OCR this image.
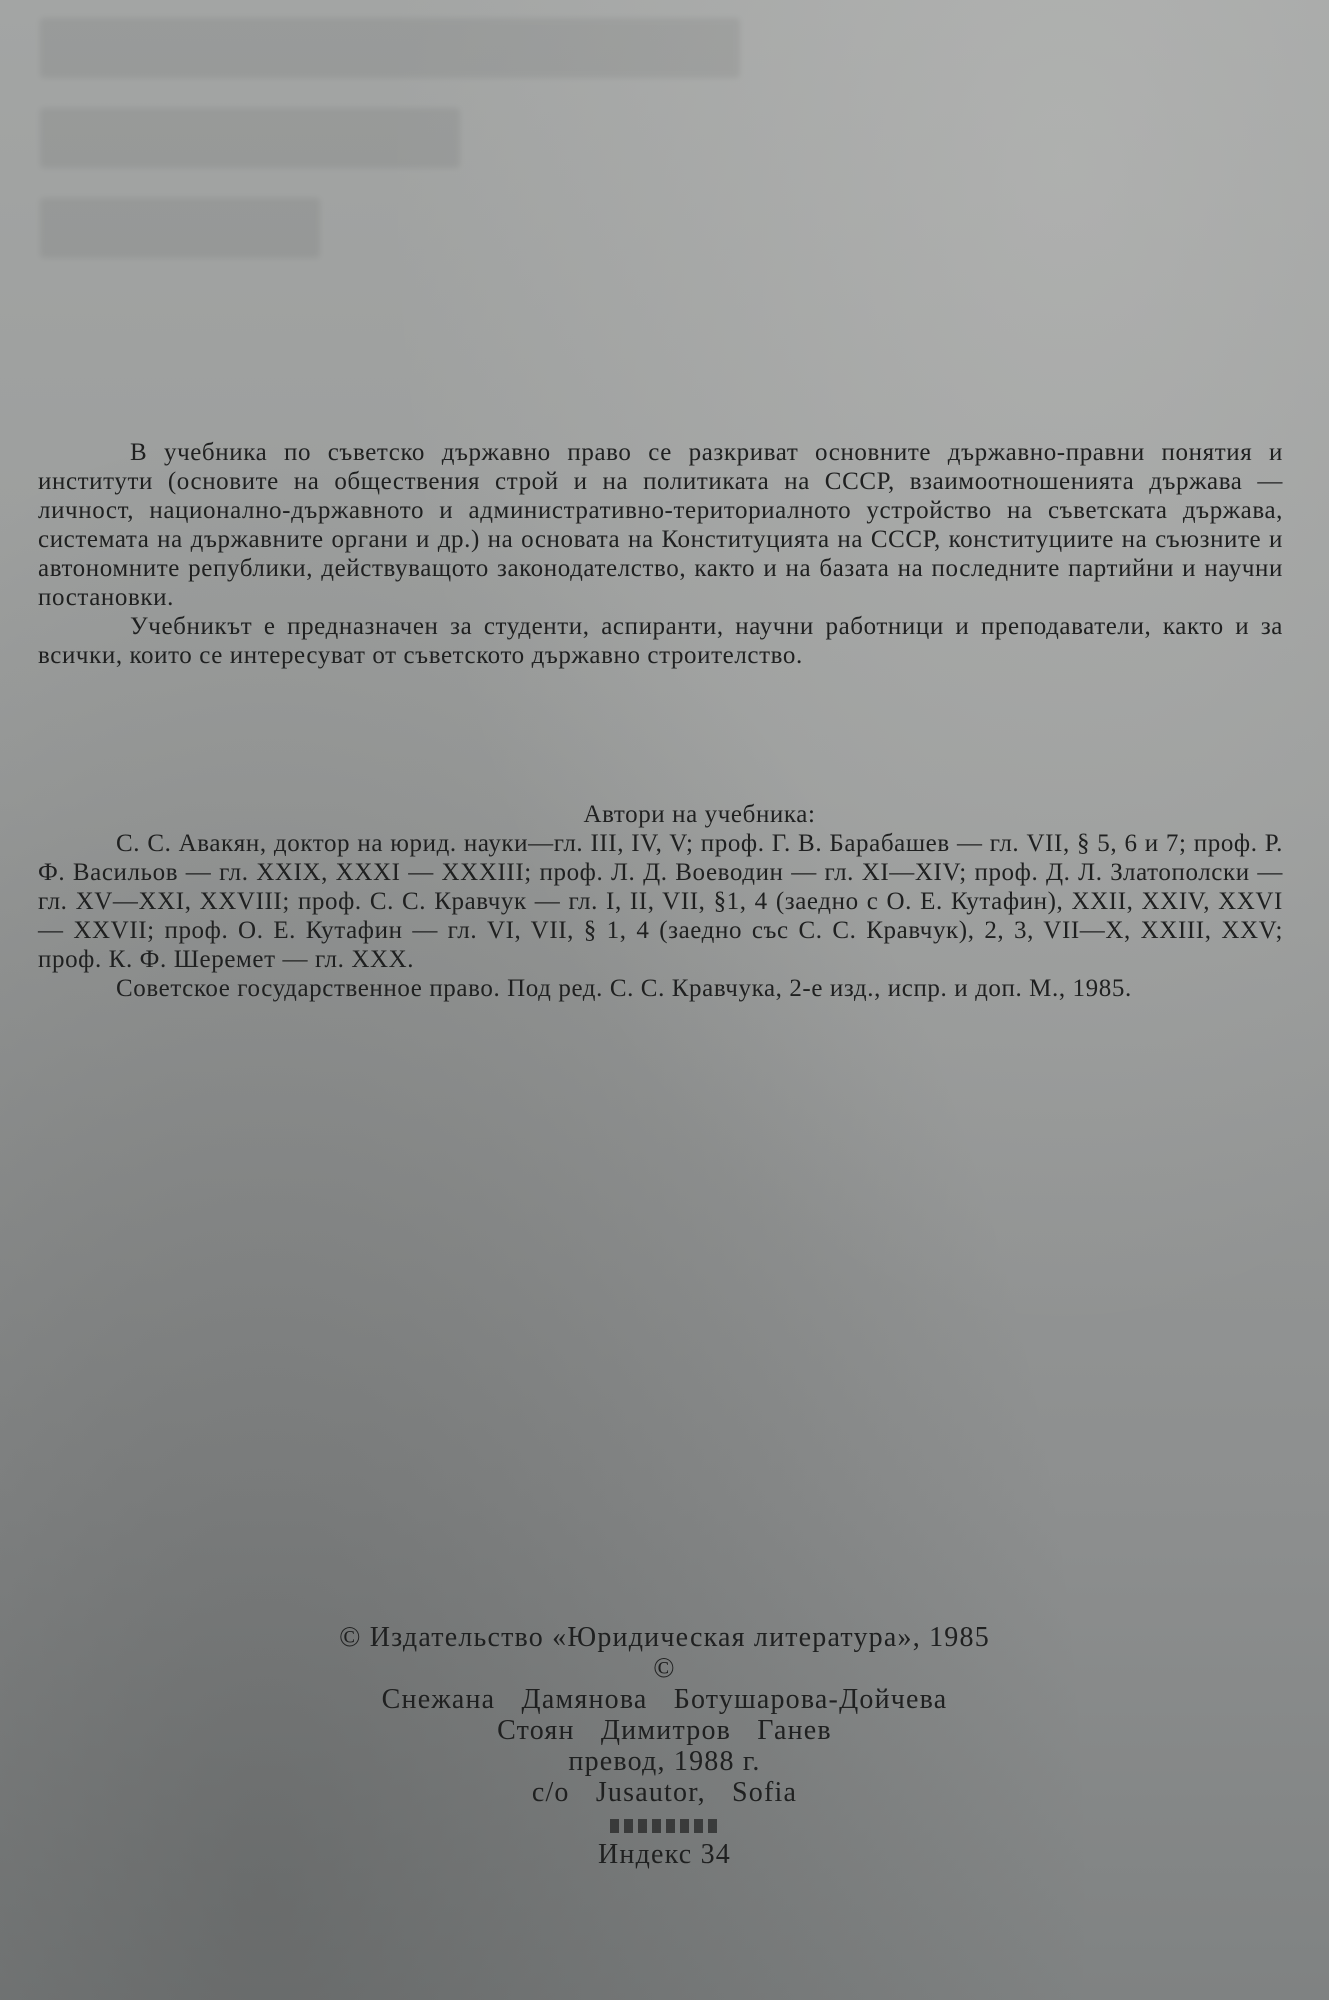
В учебника по съветско държавно право се разкриват основните държавно-правни понятия и институти (основите на обществения строй и на политиката на СССР, взаимоотношенията държава — личност, национално-държавното и административно-териториалното устройство на съветската държава, системата на държавните органи и др.) на основата на Конституцията на СССР, конституциите на съюзните и автономните републики, действуващото законодателство, както и на базата на последните партийни и научни постановки.

Учебникът е предназначен за студенти, аспиранти, научни работници и преподаватели, както и за всички, които се интересуват от съветското държавно строителство.

Автори на учебника:

С. С. Авакян, доктор на юрид. науки—гл. III, IV, V; проф. Г. В. Барабашев — гл. VII, § 5, 6 и 7; проф. Р. Ф. Васильов — гл. XXIX, XXXI — XXXIII; проф. Л. Д. Воеводин — гл. XI—XIV; проф. Д. Л. Златополски — гл. XV—XXI, XXVIII; проф. С. С. Кравчук — гл. I, II, VII, §1, 4 (заедно с О. Е. Кутафин), XXII, XXIV, XXVI — XXVII; проф. О. Е. Кутафин — гл. VI, VII, § 1, 4 (заедно със С. С. Кравчук), 2, 3, VII—X, XXIII, XXV; проф. К. Ф. Шеремет — гл. XXX.

Советское государственное право. Под ред. С. С. Кравчука, 2-е изд., испр. и доп. М., 1985.

© Издательство «Юридическая литература», 1985
©
Снежана Дамянова Ботушарова-Дойчева
Стоян Димитров Ганев
превод, 1988 г.
c/o Jusautor, Sofia
Индекс 34
